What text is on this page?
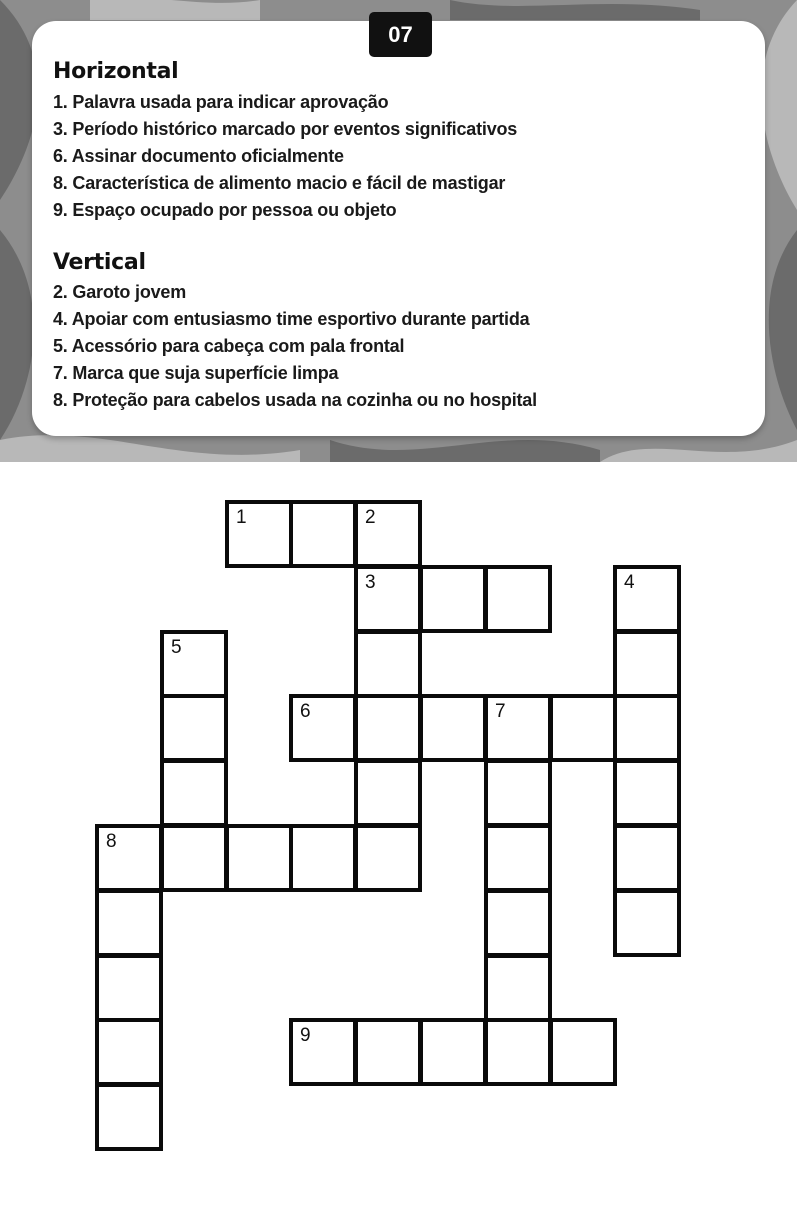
07
Horizontal
1. Palavra usada para indicar aprovação
3. Período histórico marcado por eventos significativos
6. Assinar documento oficialmente
8. Característica de alimento macio e fácil de mastigar
9. Espaço ocupado por pessoa ou objeto
Vertical
2. Garoto jovem
4. Apoiar com entusiasmo time esportivo durante partida
5. Acessório para cabeça com pala frontal
7. Marca que suja superfície limpa
8. Proteção para cabelos usada na cozinha ou no hospital
1	2
3	4
5
6	7
8
9
